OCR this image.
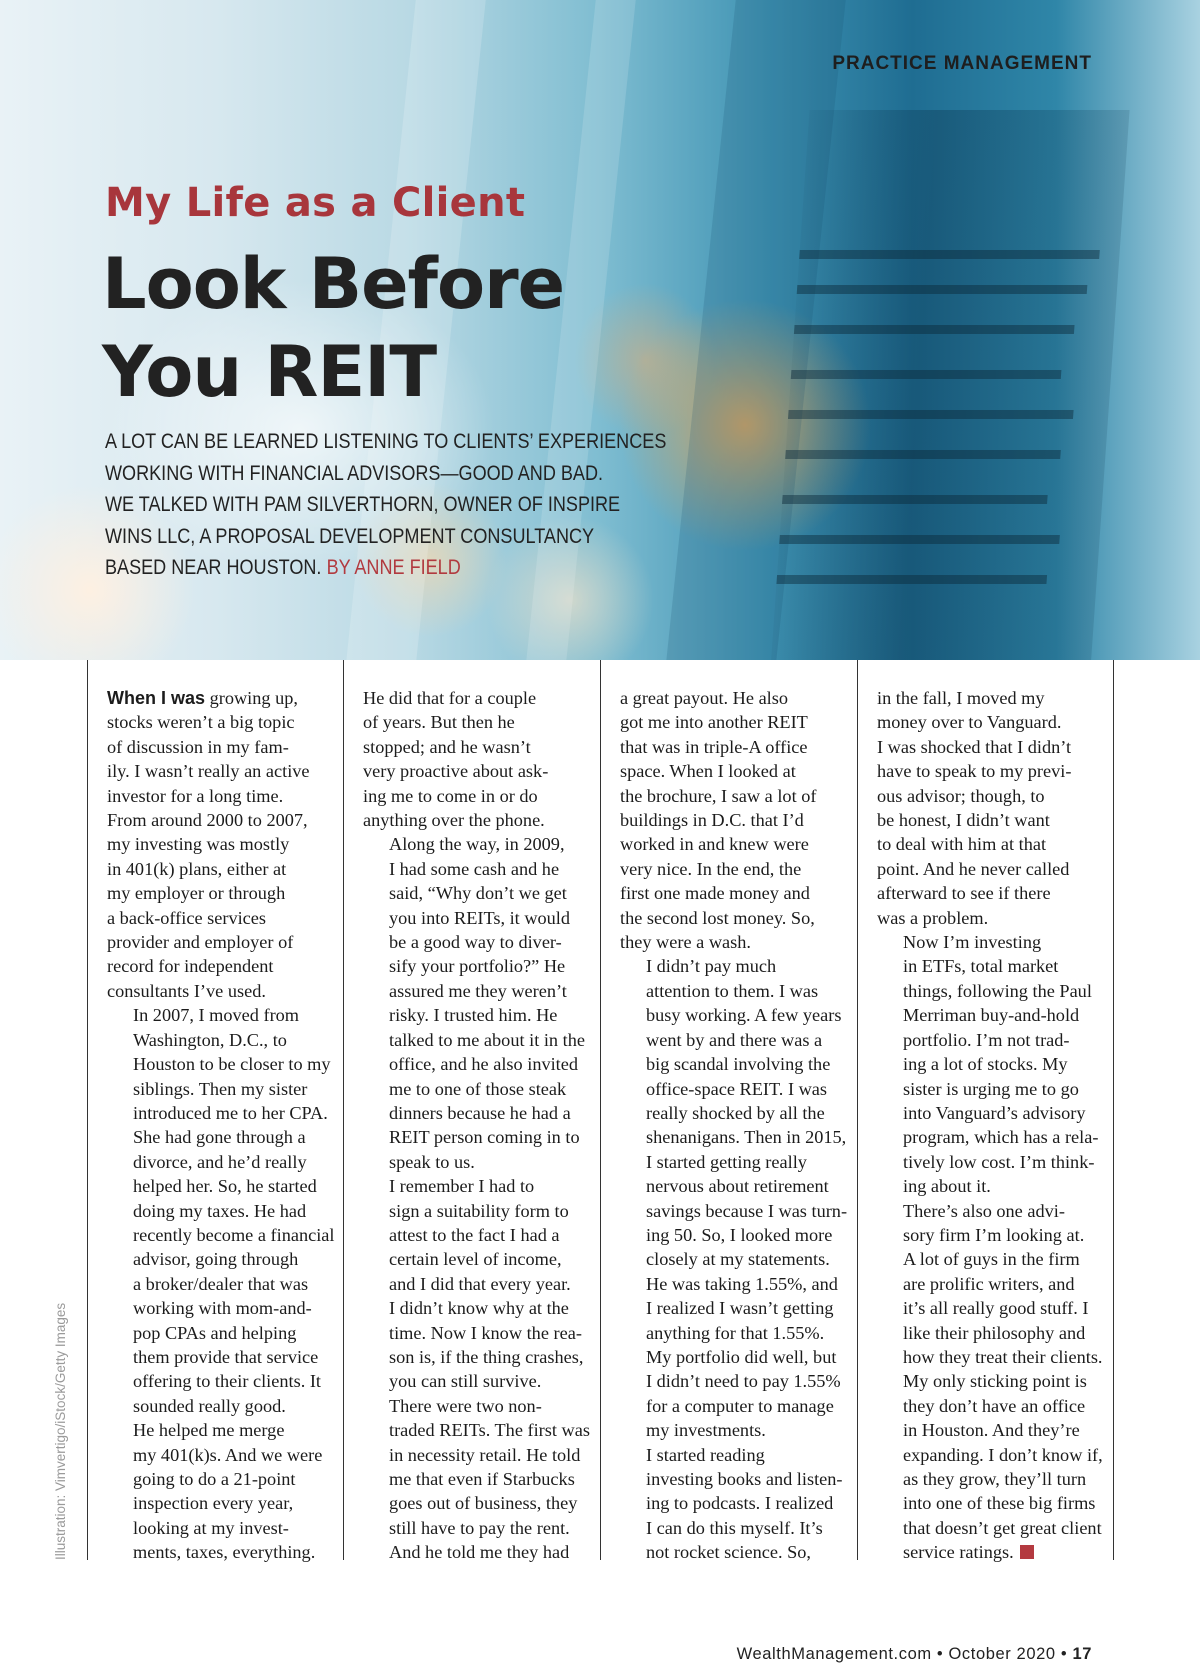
PRACTICE MANAGEMENT

My Life as a Client
Look Before
You REIT

A LOT CAN BE LEARNED LISTENING TO CLIENTS’ EXPERIENCES
WORKING WITH FINANCIAL ADVISORS—GOOD AND BAD.
WE TALKED WITH PAM SILVERTHORN, OWNER OF INSPIRE
WINS LLC, A PROPOSAL DEVELOPMENT CONSULTANCY
BASED NEAR HOUSTON. BY ANNE FIELD

When I was growing up,
stocks weren’t a big topic
of discussion in my fam-
ily. I wasn’t really an active
investor for a long time.
From around 2000 to 2007,
my investing was mostly
in 401(k) plans, either at
my employer or through
a back-office services
provider and employer of
record for independent
consultants I’ve used.

In 2007, I moved from
Washington, D.C., to
Houston to be closer to my
siblings. Then my sister
introduced me to her CPA.
She had gone through a
divorce, and he’d really
helped her. So, he started
doing my taxes. He had
recently become a financial
advisor, going through
a broker/dealer that was
working with mom-and-
pop CPAs and helping
them provide that service
offering to their clients. It
sounded really good.

He helped me merge
my 401(k)s. And we were
going to do a 21-point
inspection every year,
looking at my invest-
ments, taxes, everything.

He did that for a couple
of years. But then he
stopped; and he wasn’t
very proactive about ask-
ing me to come in or do
anything over the phone.

Along the way, in 2009,
I had some cash and he
said, “Why don’t we get
you into REITs, it would
be a good way to diver-
sify your portfolio?” He
assured me they weren’t
risky. I trusted him. He
talked to me about it in the
office, and he also invited
me to one of those steak
dinners because he had a
REIT person coming in to
speak to us.

I remember I had to
sign a suitability form to
attest to the fact I had a
certain level of income,
and I did that every year.
I didn’t know why at the
time. Now I know the rea-
son is, if the thing crashes,
you can still survive.

There were two non-
traded REITs. The first was
in necessity retail. He told
me that even if Starbucks
goes out of business, they
still have to pay the rent.
And he told me they had

a great payout. He also
got me into another REIT
that was in triple-A office
space. When I looked at
the brochure, I saw a lot of
buildings in D.C. that I’d
worked in and knew were
very nice. In the end, the
first one made money and
the second lost money. So,
they were a wash.

I didn’t pay much
attention to them. I was
busy working. A few years
went by and there was a
big scandal involving the
office-space REIT. I was
really shocked by all the
shenanigans. Then in 2015,
I started getting really
nervous about retirement
savings because I was turn-
ing 50. So, I looked more
closely at my statements.
He was taking 1.55%, and
I realized I wasn’t getting
anything for that 1.55%.
My portfolio did well, but
I didn’t need to pay 1.55%
for a computer to manage
my investments.

I started reading
investing books and listen-
ing to podcasts. I realized
I can do this myself. It’s
not rocket science. So,

in the fall, I moved my
money over to Vanguard.
I was shocked that I didn’t
have to speak to my previ-
ous advisor; though, to
be honest, I didn’t want
to deal with him at that
point. And he never called
afterward to see if there
was a problem.

Now I’m investing
in ETFs, total market
things, following the Paul
Merriman buy-and-hold
portfolio. I’m not trad-
ing a lot of stocks. My
sister is urging me to go
into Vanguard’s advisory
program, which has a rela-
tively low cost. I’m think-
ing about it.

There’s also one advi-
sory firm I’m looking at.
A lot of guys in the firm
are prolific writers, and
it’s all really good stuff. I
like their philosophy and
how they treat their clients.
My only sticking point is
they don’t have an office
in Houston. And they’re
expanding. I don’t know if,
as they grow, they’ll turn
into one of these big firms
that doesn’t get great client
service ratings.

Illustration: Vimvertigo/iStock/Getty Images

WealthManagement.com • October 2020 • 17
